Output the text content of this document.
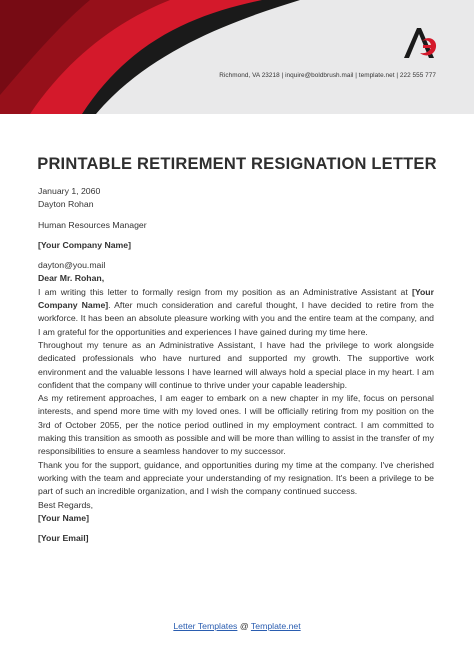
Richmond, VA 23218 | inquire@boldbrush.mail | template.net | 222 555 777
PRINTABLE RETIREMENT RESIGNATION LETTER
January 1, 2060
Dayton Rohan
Human Resources Manager
[Your Company Name]
dayton@you.mail
Dear Mr. Rohan,

I am writing this letter to formally resign from my position as an Administrative Assistant at [Your Company Name]. After much consideration and careful thought, I have decided to retire from the workforce. It has been an absolute pleasure working with you and the entire team at the company, and I am grateful for the opportunities and experiences I have gained during my time here.

Throughout my tenure as an Administrative Assistant, I have had the privilege to work alongside dedicated professionals who have nurtured and supported my growth. The supportive work environment and the valuable lessons I have learned will always hold a special place in my heart. I am confident that the company will continue to thrive under your capable leadership.

As my retirement approaches, I am eager to embark on a new chapter in my life, focus on personal interests, and spend more time with my loved ones. I will be officially retiring from my position on the 3rd of October 2055, per the notice period outlined in my employment contract. I am committed to making this transition as smooth as possible and will be more than willing to assist in the transfer of my responsibilities to ensure a seamless handover to my successor.

Thank you for the support, guidance, and opportunities during my time at the company. I've cherished working with the team and appreciate your understanding of my resignation. It's been a privilege to be part of such an incredible organization, and I wish the company continued success.

Best Regards,
[Your Name]
[Your Email]
Letter Templates @ Template.net
